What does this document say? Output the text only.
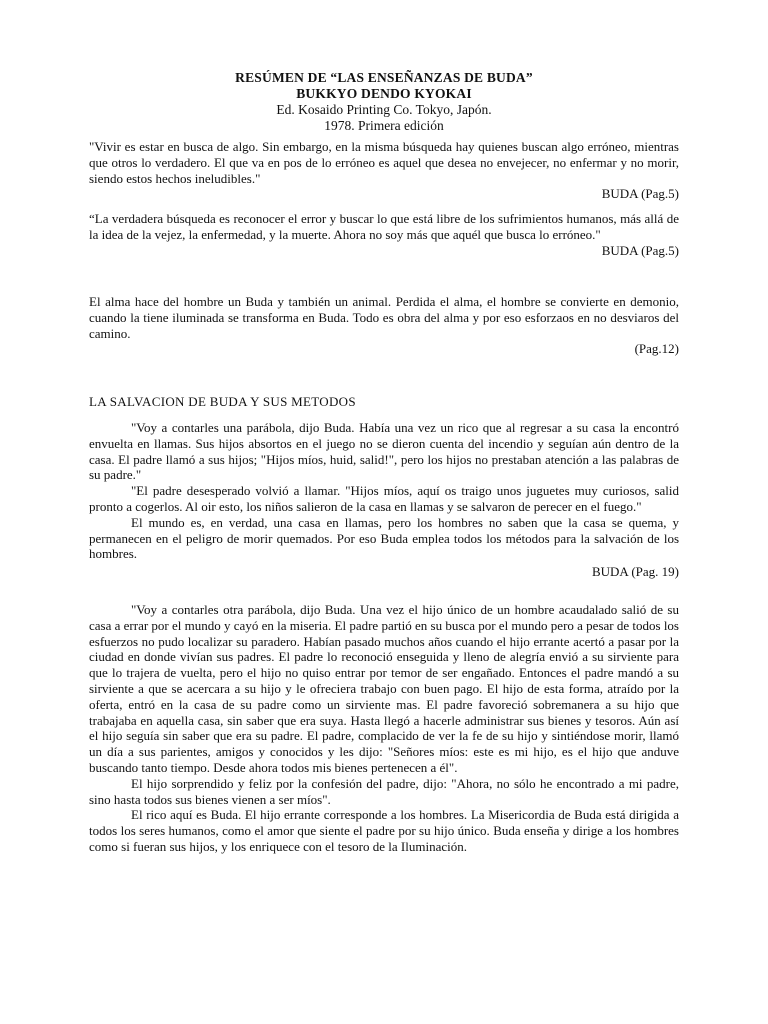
RESÚMEN DE “LAS ENSEÑANZAS DE BUDA”
BUKKYO DENDO KYOKAI
Ed. Kosaido Printing Co. Tokyo, Japón.
1978. Primera edición

"Vivir es estar en busca de algo. Sin embargo, en la misma búsqueda hay quienes buscan algo erróneo, mientras que otros lo verdadero. El que va en pos de lo erróneo es aquel que desea no envejecer, no enfermar y no morir, siendo estos hechos ineludibles."

BUDA (Pag.5)

“La verdadera búsqueda es reconocer el error y buscar lo que está libre de los sufrimientos humanos, más allá de la idea de la vejez, la enfermedad, y la muerte. Ahora no soy más que aquél que busca lo erróneo."

BUDA (Pag.5)

El alma hace del hombre un Buda y también un animal. Perdida el alma, el hombre se convierte en demonio, cuando la tiene iluminada se transforma en Buda. Todo es obra del alma y por eso esforzaos en no desviaros del camino.

(Pag.12)
LA SALVACION DE BUDA Y SUS METODOS

"Voy a contarles una parábola, dijo Buda. Había una vez un rico que al regresar a su casa la encontró envuelta en llamas. Sus hijos absortos en el juego no se dieron cuenta del incendio y seguían aún dentro de la casa. El padre llamó a sus hijos; "Hijos míos, huid, salid!", pero los hijos no prestaban atención a las palabras de su padre."

"El padre desesperado volvió a llamar. "Hijos míos, aquí os traigo unos juguetes muy curiosos, salid pronto a cogerlos. Al oir esto, los niños salieron de la casa en llamas y se salvaron de perecer en el fuego."

El mundo es, en verdad, una casa en llamas, pero los hombres no saben que la casa se quema, y permanecen en el peligro de morir quemados. Por eso Buda emplea todos los métodos para la salvación de los hombres.

BUDA (Pag. 19)

"Voy a contarles otra parábola, dijo Buda. Una vez el hijo único de un hombre acaudalado salió de su casa a errar por el mundo y cayó en la miseria. El padre partió en su busca por el mundo pero a pesar de todos los esfuerzos no pudo localizar su paradero. Habían pasado muchos años cuando el hijo errante acertó a pasar por la ciudad en donde vivían sus padres. El padre lo reconoció enseguida y lleno de alegría envió a su sirviente para que lo trajera de vuelta, pero el hijo no quiso entrar por temor de ser engañado. Entonces el padre mandó a su sirviente a que se acercara a su hijo y le ofreciera trabajo con buen pago. El hijo de esta forma, atraído por la oferta, entró en la casa de su padre como un sirviente mas. El padre favoreció sobremanera a su hijo que trabajaba en aquella casa, sin saber que era suya. Hasta llegó a hacerle administrar sus bienes y tesoros. Aún así el hijo seguía sin saber que era su padre. El padre, complacido de ver la fe de su hijo y sintiéndose morir, llamó un día a sus parientes, amigos y conocidos y les dijo: "Señores míos: este es mi hijo, es el hijo que anduve buscando tanto tiempo. Desde ahora todos mis bienes pertenecen a él".

El hijo sorprendido y feliz por la confesión del padre, dijo: "Ahora, no sólo he encontrado a mi padre, sino hasta todos sus bienes vienen a ser míos".

El rico aquí es Buda. El hijo errante corresponde a los hombres. La Misericordia de Buda está dirigida a todos los seres humanos, como el amor que siente el padre por su hijo único. Buda enseña y dirige a los hombres como si fueran sus hijos, y los enriquece con el tesoro de la Iluminación.
